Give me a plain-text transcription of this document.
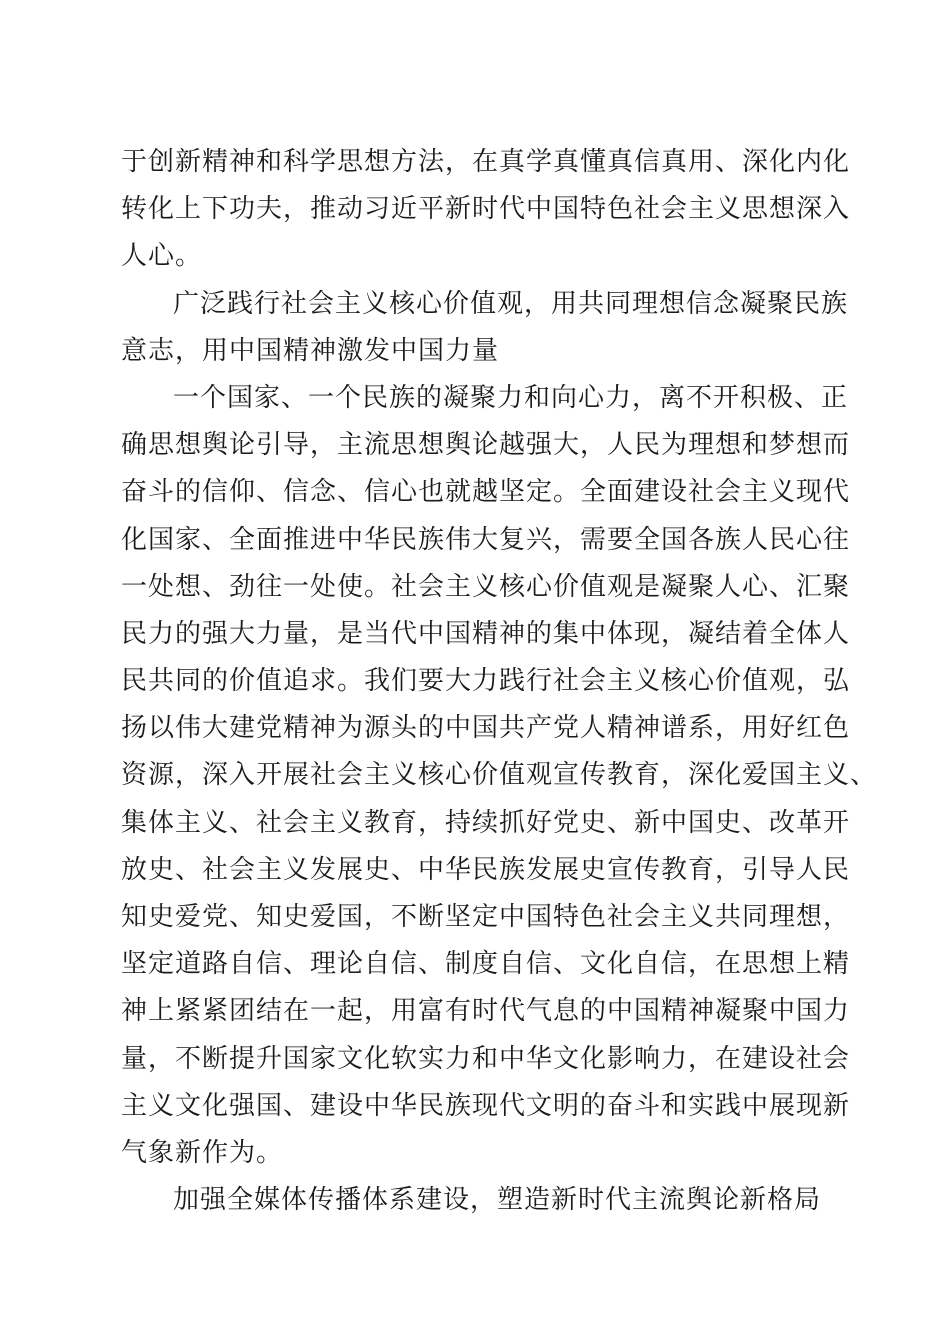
于创新精神和科学思想方法，在真学真懂真信真用、深化内化
转化上下功夫，推动习近平新时代中国特色社会主义思想深入
人心。
广泛践行社会主义核心价值观，用共同理想信念凝聚民族
意志，用中国精神激发中国力量
一个国家、一个民族的凝聚力和向心力，离不开积极、正
确思想舆论引导，主流思想舆论越强大，人民为理想和梦想而
奋斗的信仰、信念、信心也就越坚定。全面建设社会主义现代
化国家、全面推进中华民族伟大复兴，需要全国各族人民心往
一处想、劲往一处使。社会主义核心价值观是凝聚人心、汇聚
民力的强大力量，是当代中国精神的集中体现，凝结着全体人
民共同的价值追求。我们要大力践行社会主义核心价值观，弘
扬以伟大建党精神为源头的中国共产党人精神谱系，用好红色
资源，深入开展社会主义核心价值观宣传教育，深化爱国主义、
集体主义、社会主义教育，持续抓好党史、新中国史、改革开
放史、社会主义发展史、中华民族发展史宣传教育，引导人民
知史爱党、知史爱国，不断坚定中国特色社会主义共同理想，
坚定道路自信、理论自信、制度自信、文化自信，在思想上精
神上紧紧团结在一起，用富有时代气息的中国精神凝聚中国力
量，不断提升国家文化软实力和中华文化影响力，在建设社会
主义文化强国、建设中华民族现代文明的奋斗和实践中展现新
气象新作为。
加强全媒体传播体系建设，塑造新时代主流舆论新格局
